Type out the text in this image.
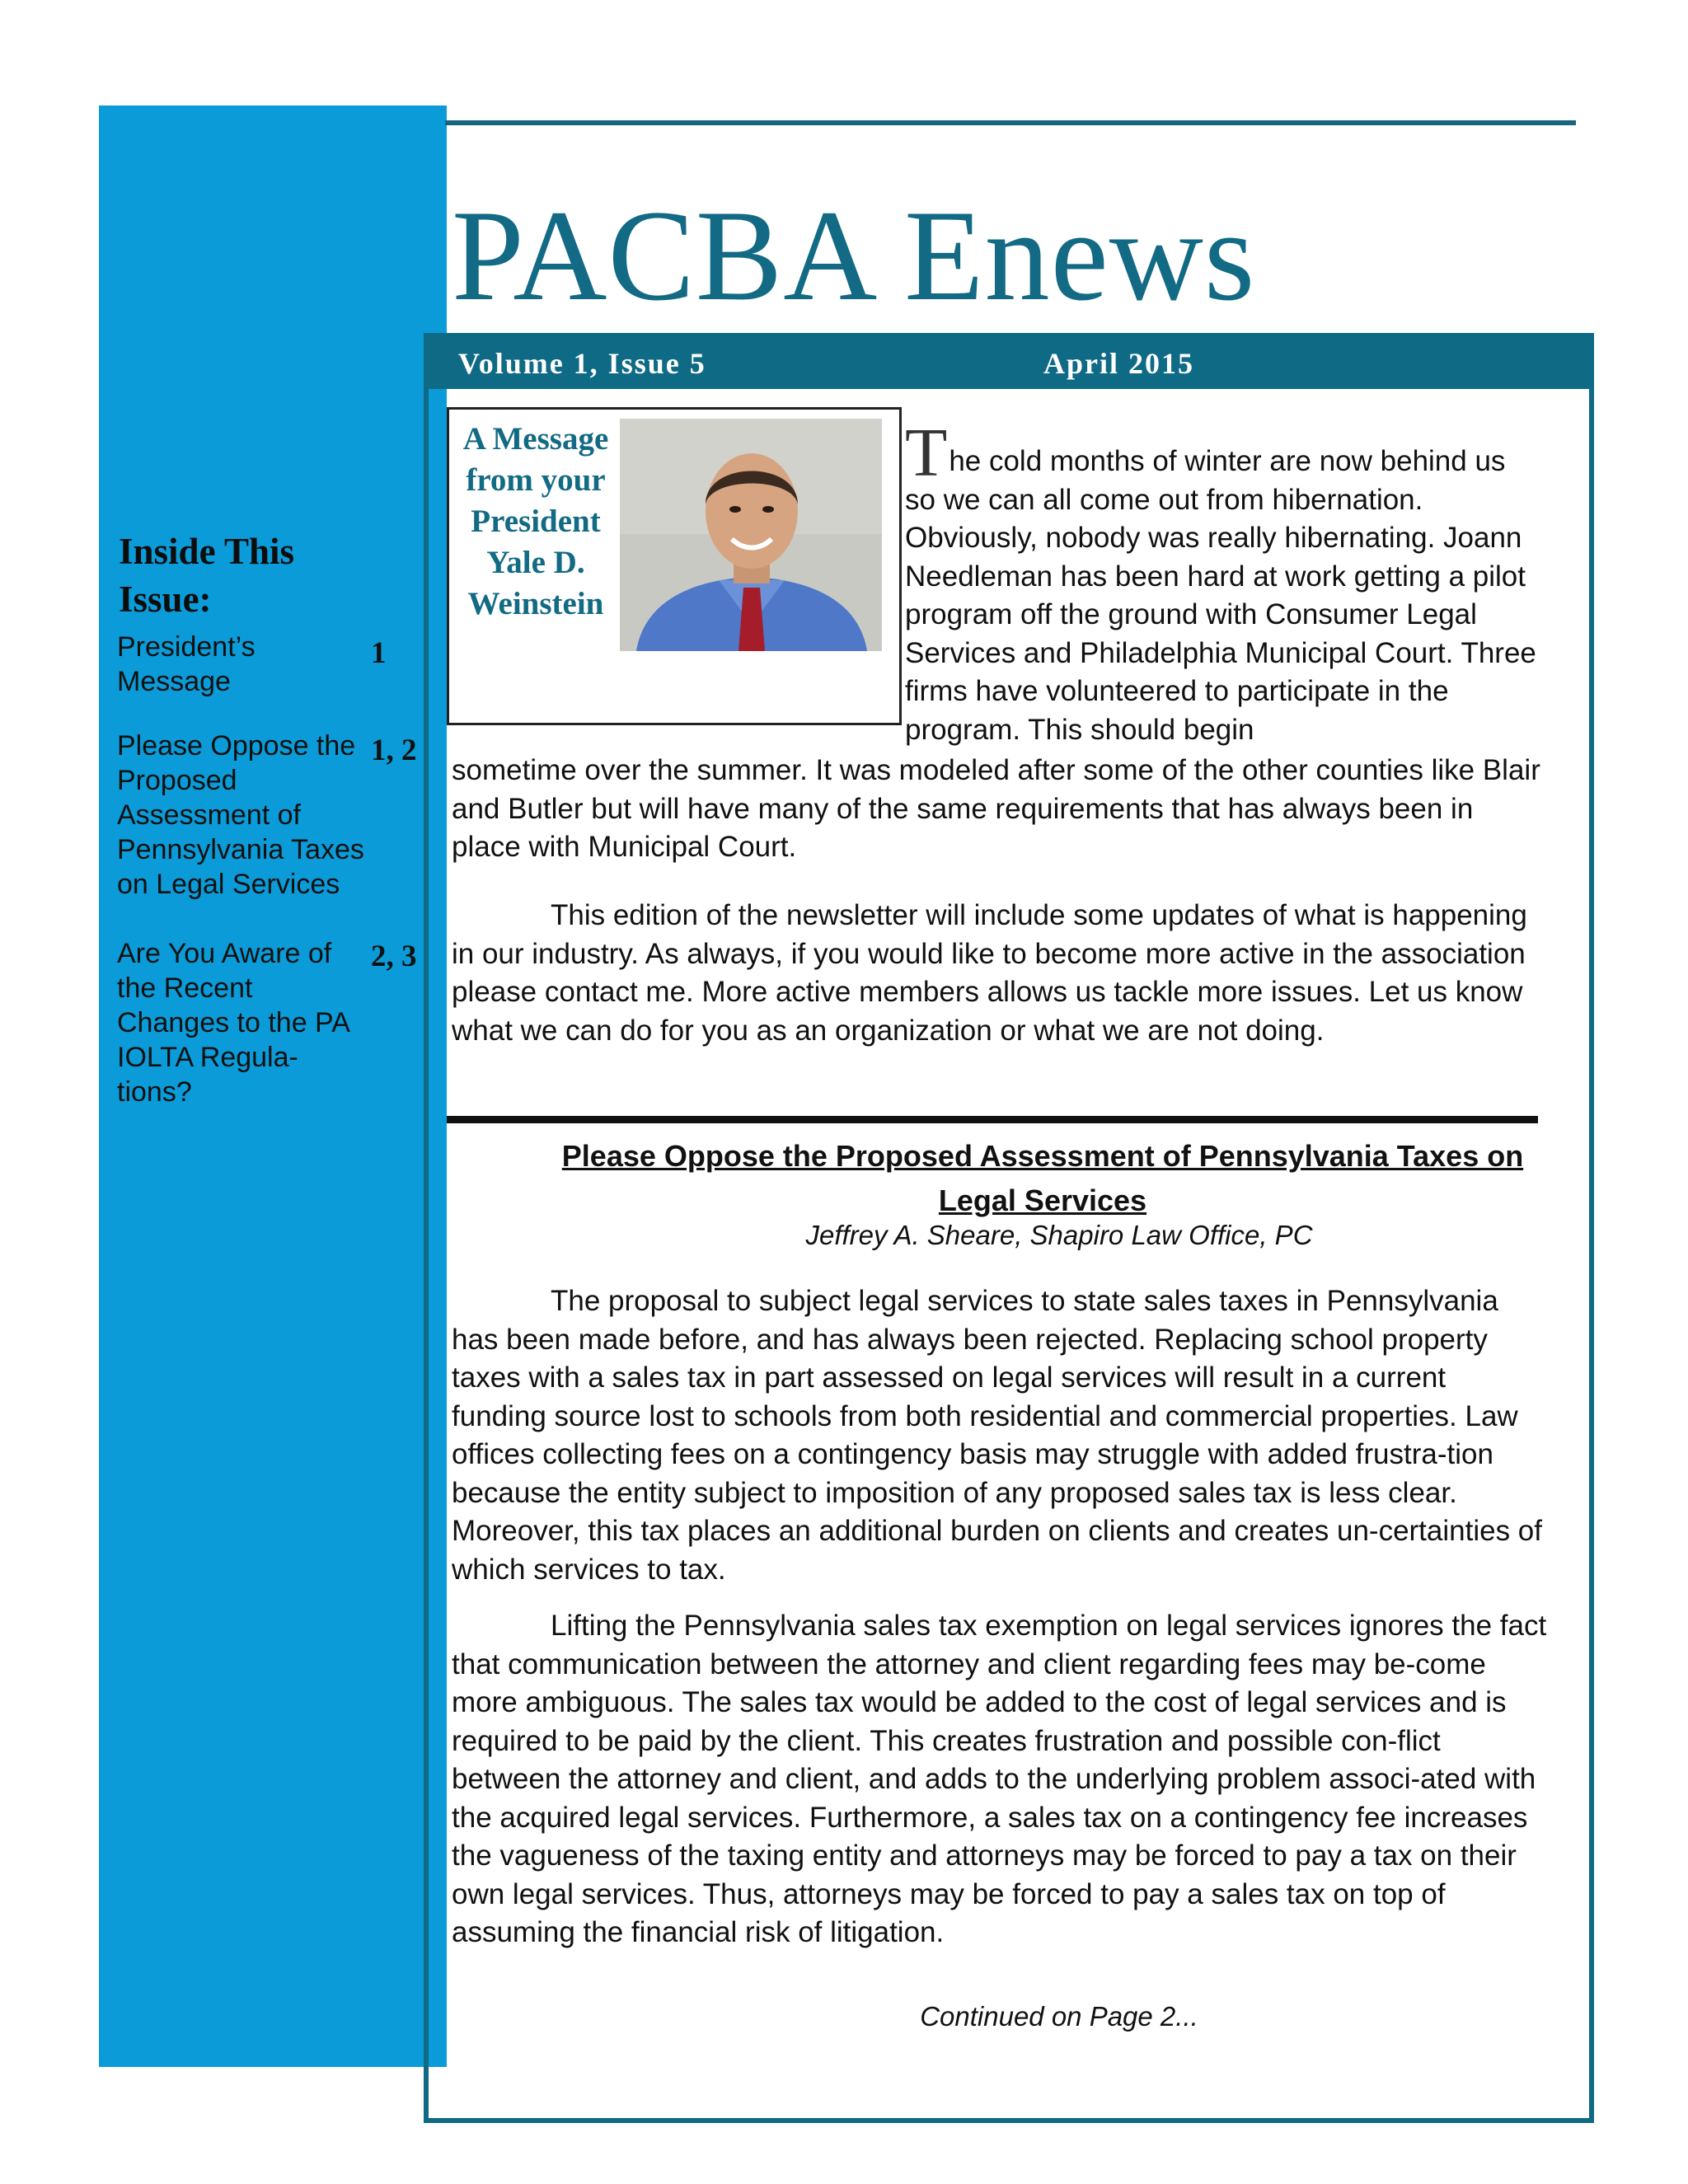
PACBA Enews
Volume 1, Issue 5	April 2015
Inside This Issue:
President’s Message
1
Please Oppose the Proposed Assessment of Pennsylvania Taxes on Legal Services
1, 2
Are You Aware of the Recent Changes to the PA IOLTA Regula-tions?
2, 3
A Message from your President Yale D. Weinstein

The cold months of winter are now behind us so we can all come out from hibernation. Obviously, nobody was really hibernating. Joann Needleman has been hard at work getting a pilot program off the ground with Consumer Legal Services and Philadelphia Municipal Court. Three firms have volunteered to participate in the program. This should begin

sometime over the summer. It was modeled after some of the other counties like Blair and Butler but will have many of the same requirements that has always been in place with Municipal Court.

This edition of the newsletter will include some updates of what is happening in our industry. As always, if you would like to become more active in the association please contact me. More active members allows us tackle more issues. Let us know what we can do for you as an organization or what we are not doing.

Please Oppose the Proposed Assessment of Pennsylvania Taxes on Legal Services
Jeffrey A. Sheare, Shapiro Law Office, PC

The proposal to subject legal services to state sales taxes in Pennsylvania has been made before, and has always been rejected. Replacing school property taxes with a sales tax in part assessed on legal services will result in a current funding source lost to schools from both residential and commercial properties. Law offices collecting fees on a contingency basis may struggle with added frustra-tion because the entity subject to imposition of any proposed sales tax is less clear. Moreover, this tax places an additional burden on clients and creates un-certainties of which services to tax.

Lifting the Pennsylvania sales tax exemption on legal services ignores the fact that communication between the attorney and client regarding fees may be-come more ambiguous. The sales tax would be added to the cost of legal services and is required to be paid by the client. This creates frustration and possible con-flict between the attorney and client, and adds to the underlying problem associ-ated with the acquired legal services. Furthermore, a sales tax on a contingency fee increases the vagueness of the taxing entity and attorneys may be forced to pay a tax on their own legal services. Thus, attorneys may be forced to pay a sales tax on top of assuming the financial risk of litigation.

Continued on Page 2...
